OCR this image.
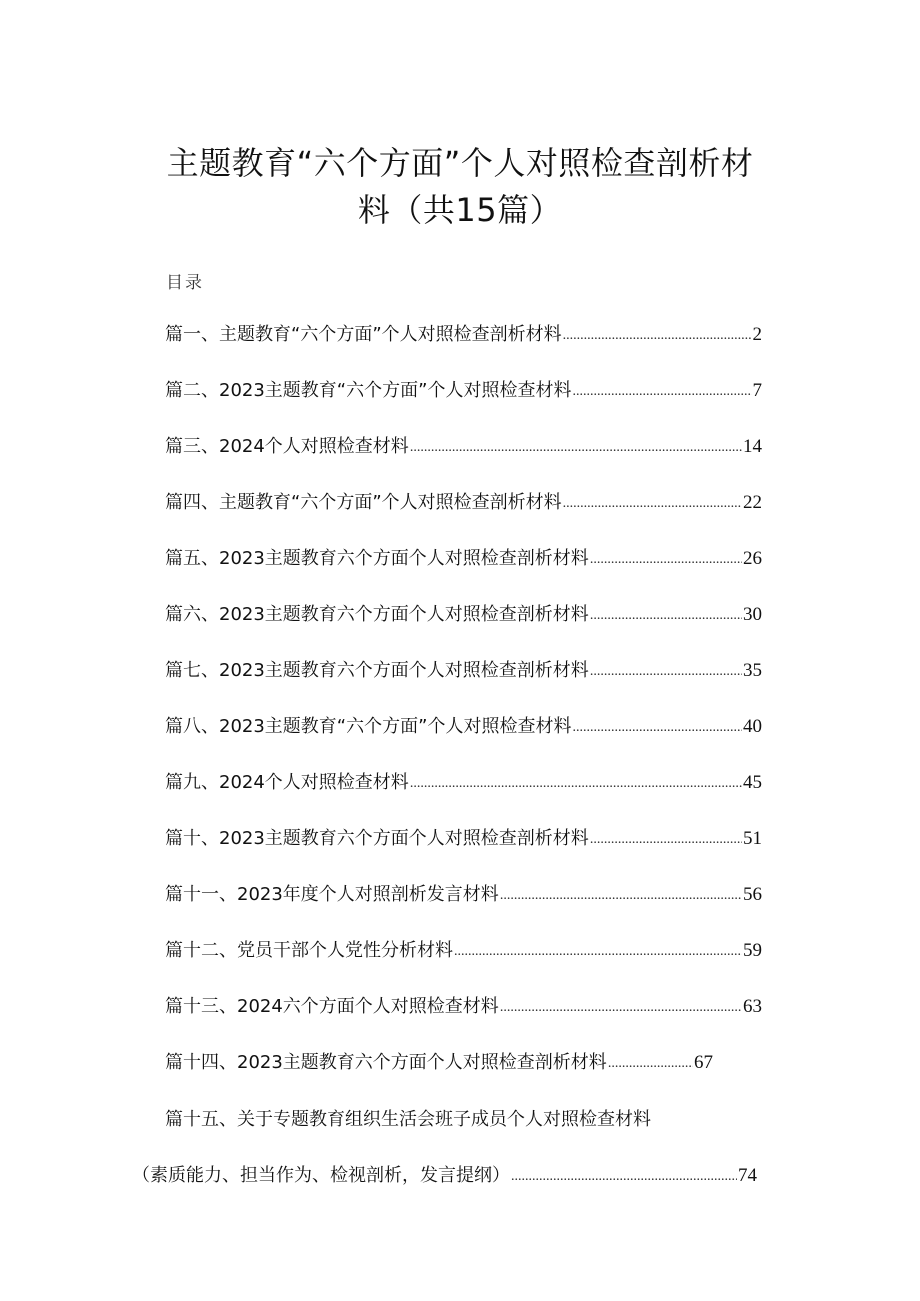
主题教育“六个方面”个人对照检查剖析材
料（共15篇）
目录
篇一、主题教育“六个方面”个人对照检查剖析材料 .....	2
篇二、2023主题教育“六个方面”个人对照检查材料 .....	7
篇三、2024个人对照检查材料 .....	14
篇四、主题教育“六个方面”个人对照检查剖析材料 .....	22
篇五、2023主题教育六个方面个人对照检查剖析材料 .....	26
篇六、2023主题教育六个方面个人对照检查剖析材料 .....	30
篇七、2023主题教育六个方面个人对照检查剖析材料 .....	35
篇八、2023主题教育“六个方面”个人对照检查材料 .....	40
篇九、2024个人对照检查材料 .....	45
篇十、2023主题教育六个方面个人对照检查剖析材料 .....	51
篇十一、2023年度个人对照剖析发言材料 .....	56
篇十二、党员干部个人党性分析材料 .....	59
篇十三、2024六个方面个人对照检查材料 .....	63
篇十四、2023主题教育六个方面个人对照检查剖析材料 .....	67
篇十五、关于专题教育组织生活会班子成员个人对照检查材料
（素质能力、担当作为、检视剖析，发言提纲） .....	74
